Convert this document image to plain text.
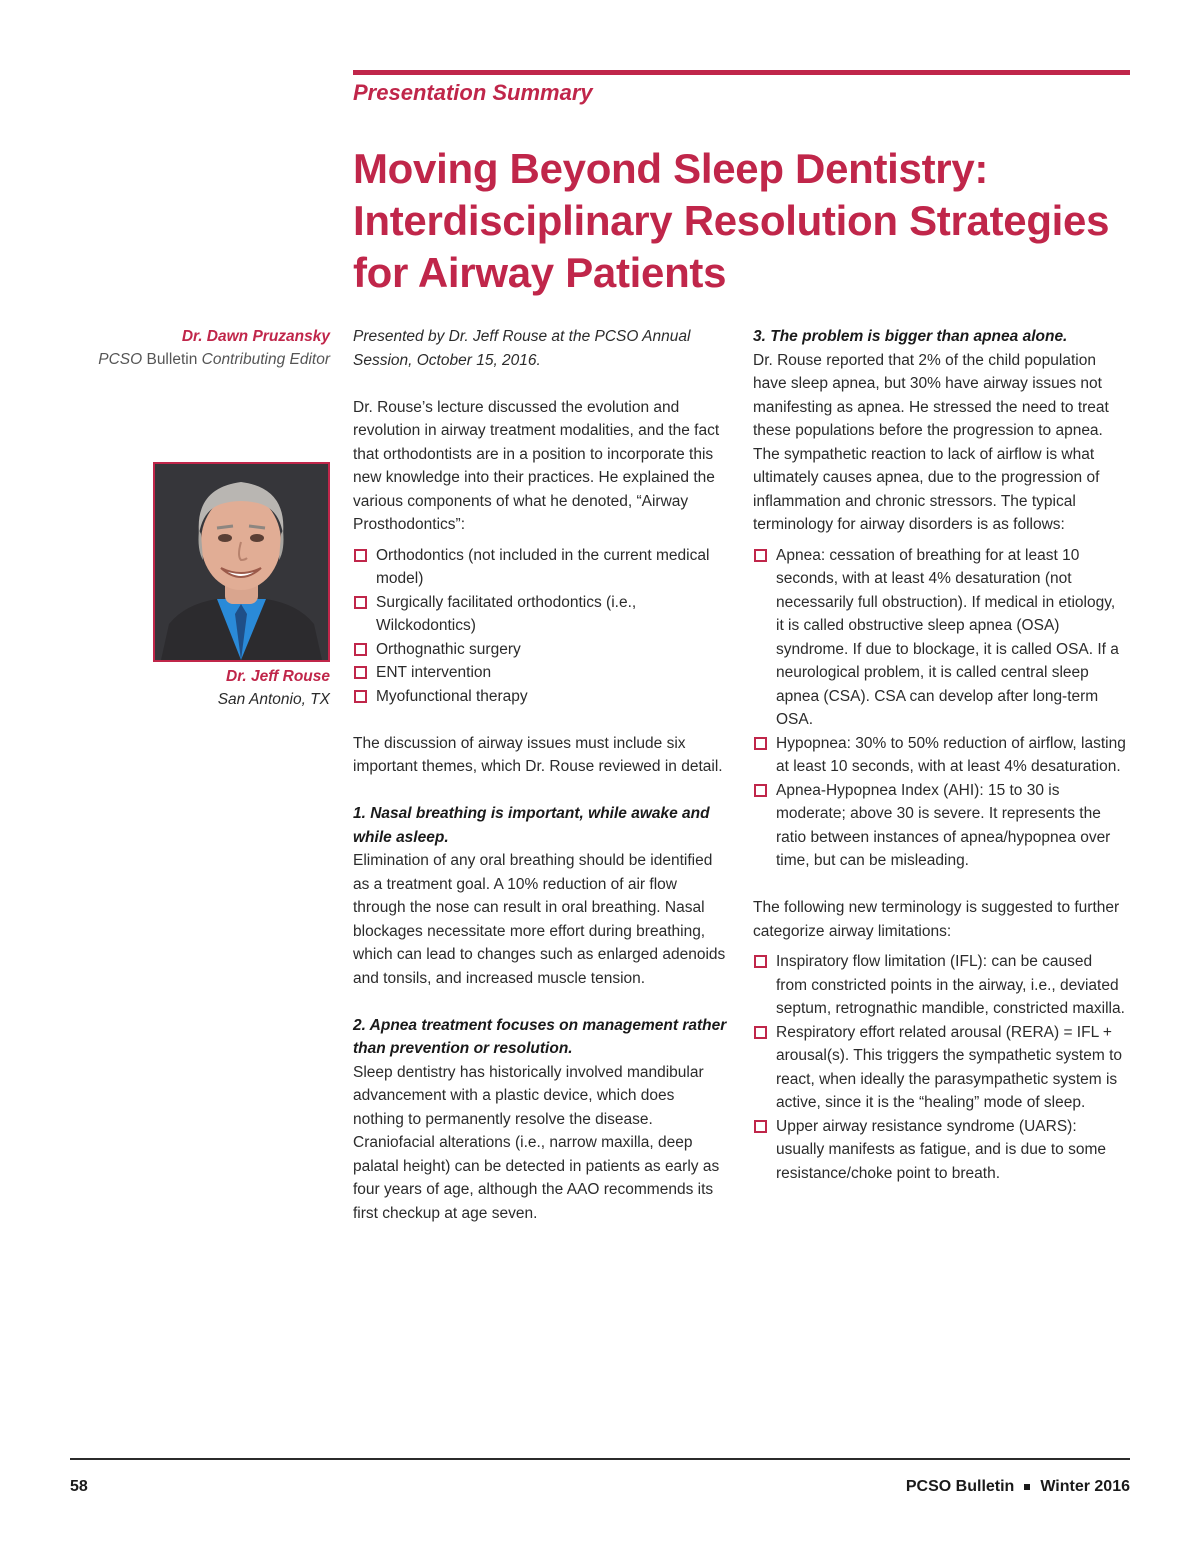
Presentation Summary

Moving Beyond Sleep Dentistry:
Interdisciplinary Resolution Strategies
for Airway Patients
Dr. Dawn Pruzansky
PCSO Bulletin Contributing Editor
Dr. Jeff Rouse
San Antonio, TX

Presented by Dr. Jeff Rouse at the PCSO Annual Session, October 15, 2016.

Dr. Rouse’s lecture discussed the evolution and revolution in airway treatment modalities, and the fact that orthodontists are in a position to incorporate this new knowledge into their practices. He explained the various components of what he denoted, “Airway Prosthodontics”:

Orthodontics (not included in the current medical model)
Surgically facilitated orthodontics (i.e., Wilckodontics)
Orthognathic surgery
ENT intervention
Myofunctional therapy

The discussion of airway issues must include six important themes, which Dr. Rouse reviewed in detail.

1. Nasal breathing is important, while awake and while asleep.

Elimination of any oral breathing should be identified as a treatment goal. A 10% reduction of air flow through the nose can result in oral breathing. Nasal blockages necessitate more effort during breathing, which can lead to changes such as enlarged adenoids and tonsils, and increased muscle tension.

2. Apnea treatment focuses on management rather than prevention or resolution.

Sleep dentistry has historically involved mandibular advancement with a plastic device, which does nothing to permanently resolve the disease. Craniofacial alterations (i.e., narrow maxilla, deep palatal height) can be detected in patients as early as four years of age, although the AAO recommends its first checkup at age seven.

3. The problem is bigger than apnea alone.

Dr. Rouse reported that 2% of the child population have sleep apnea, but 30% have airway issues not manifesting as apnea. He stressed the need to treat these populations before the progression to apnea. The sympathetic reaction to lack of airflow is what ultimately causes apnea, due to the progression of inflammation and chronic stressors. The typical terminology for airway disorders is as follows:

Apnea: cessation of breathing for at least 10 seconds, with at least 4% desaturation (not necessarily full obstruction). If medical in etiology, it is called obstructive sleep apnea (OSA) syndrome. If due to blockage, it is called OSA. If a neurological problem, it is called central sleep apnea (CSA). CSA can develop after long-term OSA.
Hypopnea: 30% to 50% reduction of airflow, lasting at least 10 seconds, with at least 4% desaturation.
Apnea-Hypopnea Index (AHI): 15 to 30 is moderate; above 30 is severe. It represents the ratio between instances of apnea/hypopnea over time, but can be misleading.

The following new terminology is suggested to further categorize airway limitations:

Inspiratory flow limitation (IFL): can be caused from constricted points in the airway, i.e., deviated septum, retrognathic mandible, constricted maxilla.
Respiratory effort related arousal (RERA) = IFL + arousal(s). This triggers the sympathetic system to react, when ideally the parasympathetic system is active, since it is the “healing” mode of sleep.
Upper airway resistance syndrome (UARS): usually manifests as fatigue, and is due to some resistance/choke point to breath.
58	PCSO Bulletin Winter 2016
